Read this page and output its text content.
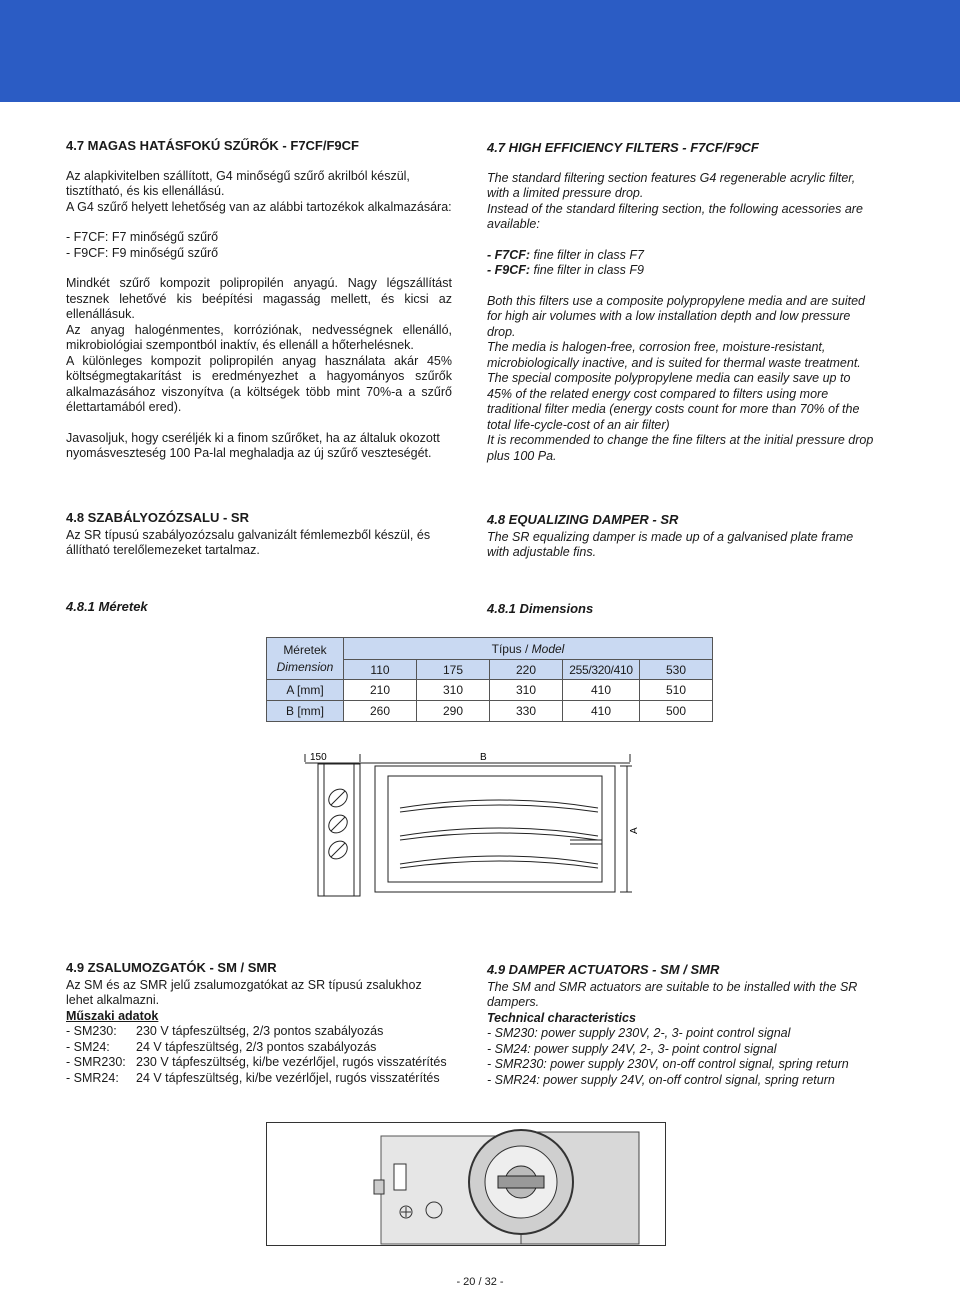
4.7 MAGAS HATÁSFOKÚ SZŰRŐK - F7CF/F9CF

Az alapkivitelben szállított, G4 minőségű szűrő akrilból készül, tisztítható, és kis ellenállású.

A G4 szűrő helyett lehetőség van az alábbi tartozékok alkalmazására:

- F7CF: F7 minőségű szűrő

- F9CF: F9 minőségű szűrő

Mindkét szűrő kompozit polipropilén anyagú. Nagy légszállítást tesznek lehetővé kis beépítési magasság mellett, és kicsi az ellenállásuk.

Az anyag halogénmentes, korróziónak, nedvességnek ellenálló, mikrobiológiai szempontból inaktív, és ellenáll a hőterhelésnek.

A különleges kompozit polipropilén anyag használata akár 45% költségmegtakarítást is eredményezhet a hagyományos szűrők alkalmazásához viszonyítva (a költségek több mint 70%-a a szűrő élettartamából ered).

Javasoljuk, hogy cseréljék ki a finom szűrőket, ha az általuk okozott nyomásveszteség 100 Pa-lal meghaladja az új szűrő veszteségét.

4.7 HIGH EFFICIENCY FILTERS - F7CF/F9CF

The standard filtering section features G4 regenerable acrylic filter, with a limited pressure drop.

Instead of the standard filtering section, the following acessories are available:

- F7CF: fine filter in class F7

- F9CF: fine filter in class F9

Both this filters use a composite polypropylene media and are suited for high air volumes with a low installation depth and low pressure drop.

The media is halogen-free, corrosion free, moisture-resistant, microbiologically inactive, and is suited for thermal waste treatment.

The special composite polypropylene media can easily save up to 45% of the related energy cost compared to filters using more traditional filter media (energy costs count for more than 70% of the total life-cycle-cost of an air filter)

It is recommended to change the fine filters at the initial pressure drop plus 100 Pa.

4.8 SZABÁLYOZÓZSALU - SR

Az SR típusú szabályozózsalu galvanizált fémlemezből készül, és állítható terelőlemezeket tartalmaz.

4.8.1 Méretek
4.8 EQUALIZING DAMPER - SR

The SR equalizing damper is made up of a galvanised plate frame with adjustable fins.

4.8.1 Dimensions
Méretek
Dimension	Típus / Model				
	110	175	220	255/320/410	530
A [mm]	210	310	310	410	510
B [mm]	260	290	330	410	500
150	B
A
4.9 ZSALUMOZGATÓK - SM / SMR

Az SM és az SMR jelű zsalumozgatókat az SR típusú zsalukhoz lehet alkalmazni.

Műszaki adatok

- SM230:	230 V tápfeszültség, 2/3 pontos szabályozás

- SM24:	24 V tápfeszültség, 2/3 pontos szabályozás

- SMR230: 230 V tápfeszültség, ki/be vezérlőjel, rugós visszatérítés

- SMR24:	24 V tápfeszültség, ki/be vezérlőjel, rugós visszatérítés

4.9 DAMPER ACTUATORS - SM / SMR

The SM and SMR actuators are suitable to be installed with the SR dampers.

Technical characteristics

- SM230: power supply 230V, 2-, 3- point control signal

- SM24: power supply 24V, 2-, 3- point control signal

- SMR230: power supply 230V, on-off control signal, spring return

- SMR24: power supply 24V, on-off control signal, spring return

- 20 / 32 -
